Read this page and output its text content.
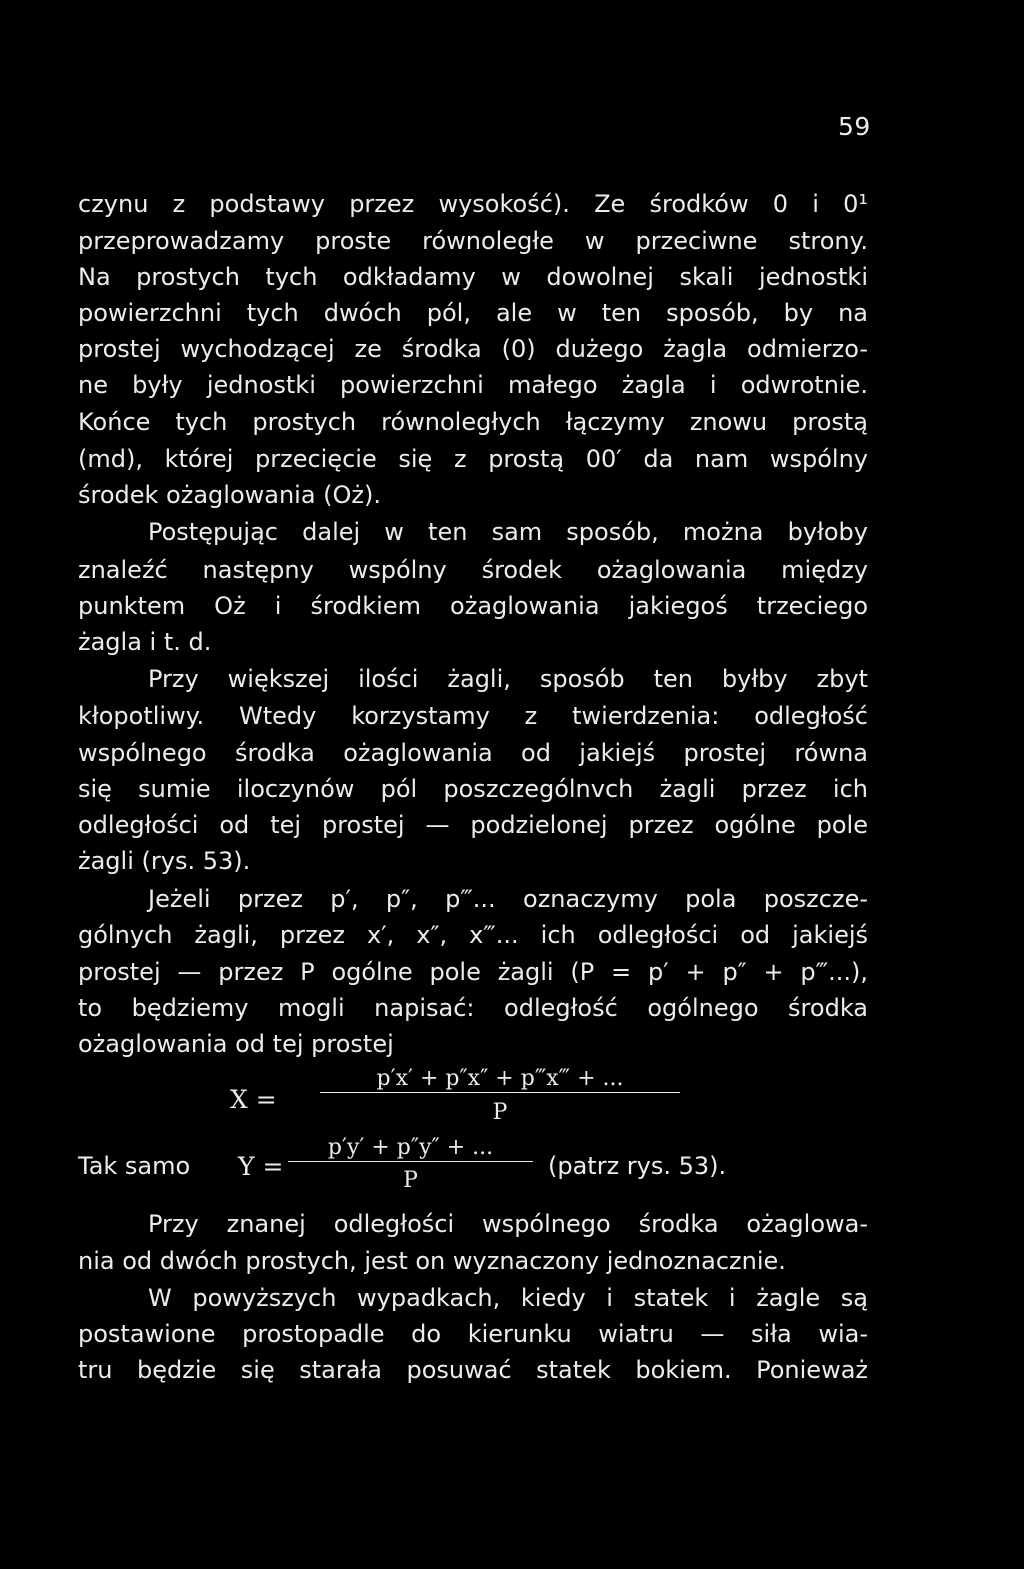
59
czynu z podstawy przez wysokość). Ze środków 0 i 0¹
przeprowadzamy proste równoległe w przeciwne strony.
Na prostych tych odkładamy w dowolnej skali jednostki
powierzchni tych dwóch pól, ale w ten sposób, by na
prostej wychodzącej ze środka (0) dużego żagla odmierzo-
ne były jednostki powierzchni małego żagla i odwrotnie.
Końce tych prostych równoległych łączymy znowu prostą
(md), której przecięcie się z prostą 00′ da nam wspólny
środek ożaglowania (Oż).
Postępując dalej w ten sam sposób, można byłoby
znaleźć następny wspólny środek ożaglowania między
punktem Oż i środkiem ożaglowania jakiegoś trzeciego
żagla i t. d.
Przy większej ilości żagli, sposób ten byłby zbyt
kłopotliwy. Wtedy korzystamy z twierdzenia: odległość
wspólnego środka ożaglowania od jakiejś prostej równa
się sumie iloczynów pól poszczególnvch żagli przez ich
odległości od tej prostej — podzielonej przez ogólne pole
żagli (rys. 53).
Jeżeli przez p′, p″, p‴... oznaczymy pola poszcze-
gólnych żagli, przez x′, x″, x‴... ich odległości od jakiejś
prostej — przez P ogólne pole żagli (P = p′ + p″ + p‴...),
to będziemy mogli napisać: odległość ogólnego środka
ożaglowania od tej prostej
X =
p′x′ + p″x″ + p‴x‴ + ...
P
Tak samo Y =
p′y′ + p″y″ + ...
P
(patrz rys. 53).
Przy znanej odległości wspólnego środka ożaglowa-
nia od dwóch prostych, jest on wyznaczony jednoznacznie.
W powyższych wypadkach, kiedy i statek i żagle są
postawione prostopadle do kierunku wiatru — siła wia-
tru będzie się starała posuwać statek bokiem. Ponieważ
